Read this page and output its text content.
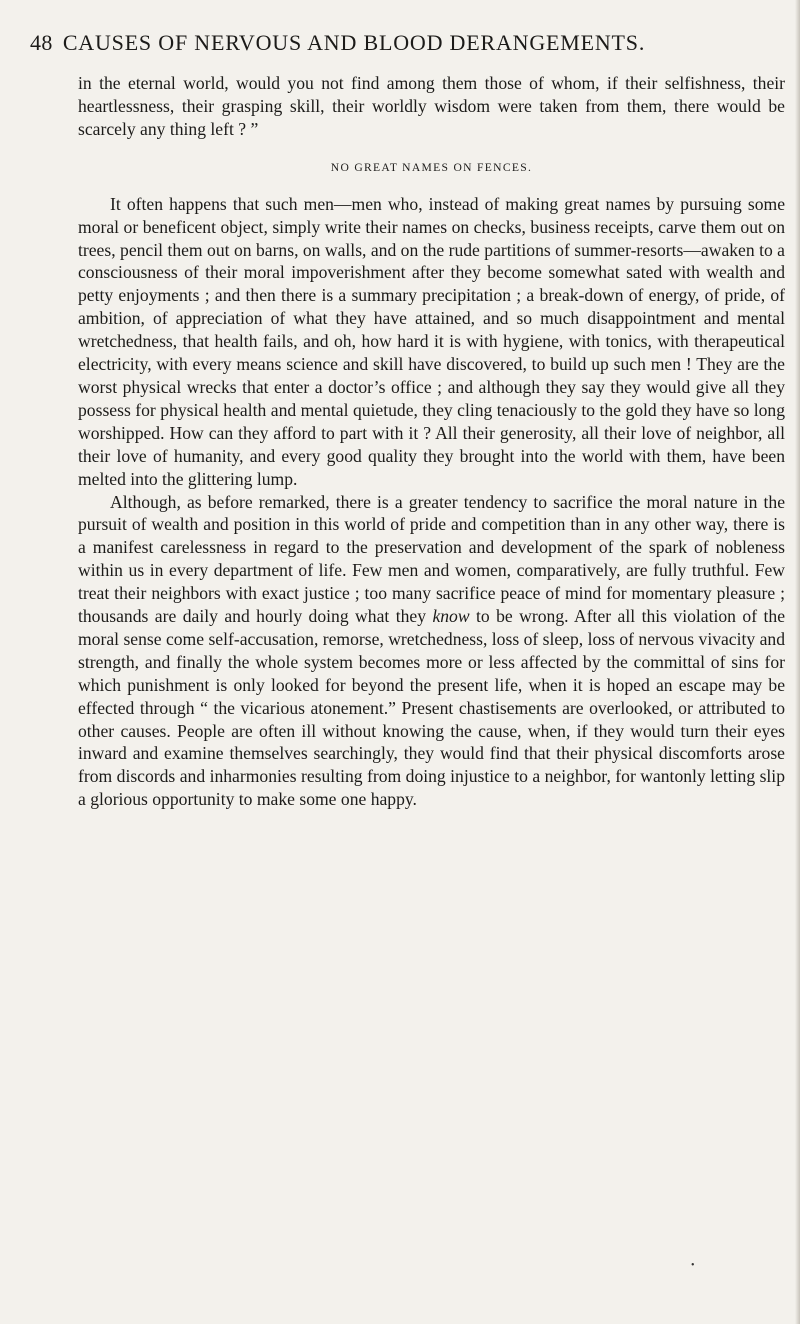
48 CAUSES OF NERVOUS AND BLOOD DERANGEMENTS.

in the eternal world, would you not find among them those of whom, if their selfishness, their heartlessness, their grasping skill, their worldly wisdom were taken from them, there would be scarcely any thing left ? ”

NO GREAT NAMES ON FENCES.

It often happens that such men—men who, instead of making great names by pursuing some moral or beneficent object, simply write their names on checks, business receipts, carve them out on trees, pencil them out on barns, on walls, and on the rude partitions of summer-resorts—awaken to a consciousness of their moral impoverishment after they become somewhat sated with wealth and petty enjoyments ; and then there is a summary precipitation ; a break-down of energy, of pride, of ambition, of appreciation of what they have attained, and so much disappointment and mental wretchedness, that health fails, and oh, how hard it is with hygiene, with tonics, with therapeutical electricity, with every means science and skill have discovered, to build up such men ! They are the worst physical wrecks that enter a doctor’s office ; and although they say they would give all they possess for physical health and mental quietude, they cling tenaciously to the gold they have so long worshipped. How can they afford to part with it ? All their generosity, all their love of neighbor, all their love of humanity, and every good quality they brought into the world with them, have been melted into the glittering lump.

Although, as before remarked, there is a greater tendency to sacrifice the moral nature in the pursuit of wealth and position in this world of pride and competition than in any other way, there is a manifest carelessness in regard to the preservation and development of the spark of nobleness within us in every department of life. Few men and women, comparatively, are fully truthful. Few treat their neighbors with exact justice ; too many sacrifice peace of mind for momentary pleasure ; thousands are daily and hourly doing what they know to be wrong. After all this violation of the moral sense come self-accusation, remorse, wretchedness, loss of sleep, loss of nervous vivacity and strength, and finally the whole system becomes more or less affected by the committal of sins for which punishment is only looked for beyond the present life, when it is hoped an escape may be effected through “ the vicarious atonement.” Present chastisements are overlooked, or attributed to other causes. People are often ill without knowing the cause, when, if they would turn their eyes inward and examine themselves searchingly, they would find that their physical discomforts arose from discords and inharmonies resulting from doing injustice to a neighbor, for wantonly letting slip a glorious opportunity to make some one happy.

•
